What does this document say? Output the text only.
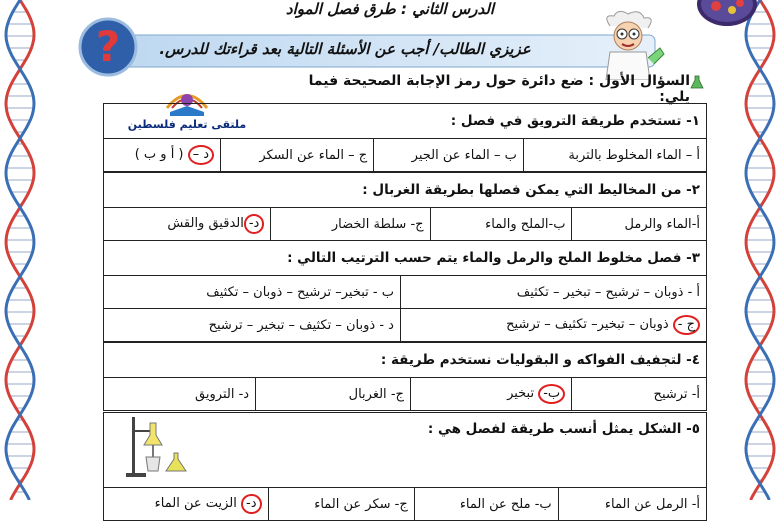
الدرس الثاني : طرق فصل المواد
عزيزي الطالب/ أجب عن الأسئلة التالية بعد قراءتك للدرس.
?
السؤال الأول : ضع دائرة حول رمز الإجابة الصحيحة فيما يلي:
ملتقى تعليم فلسطين	١- تستخدم طريقة الترويق في فصل :
أ – الماء المخلوط بالتربة	ب – الماء عن الجير	ج – الماء عن السكر	د – ( أ و ب )
٢- من المخاليط التي يمكن فصلها بطريقة الغربال :
أ-الماء والرمل	ب-الملح والماء	ج- سلطة الخضار	د-الدقيق والقش
٣- فصل مخلوط الملح والرمل والماء يتم حسب الترتيب التالي :	
أ - ذوبان – ترشيح – تبخير – تكثيف	ب - تبخير– ترشيح – ذوبان – تكثيف
ج - ذوبان – تبخير– تكثيف – ترشيح	د - ذوبان – تكثيف – تبخير – ترشيح
٤- لتجفيف الفواكه و البقوليات نستخدم طريقة :
أ- ترشيح	ب- تبخير	ج- الغربال	د- الترويق
٥- الشكل يمثل أنسب طريقة لفصل هي :
أ- الرمل عن الماء	ب- ملح عن الماء	ج- سكر عن الماء	د- الزيت عن الماء
